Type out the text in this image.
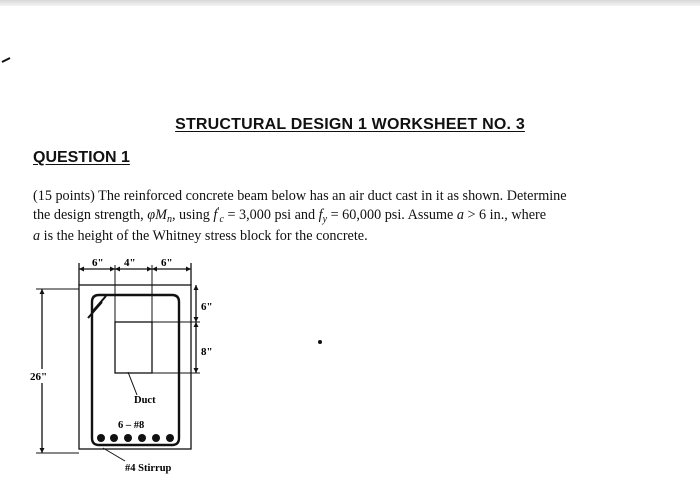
STRUCTURAL DESIGN 1 WORKSHEET NO. 3
QUESTION 1
(15 points) The reinforced concrete beam below has an air duct cast in it as shown. Determine
the design strength, $\varphi M_n$, using $f'_c = 3,000$ psi and $f_y = 60,000$ psi. Assume a > 6 in., where
a is the height of the Whitney stress block for the concrete.
6" 4" 6"
6"
8"
26"
Duct
6 – #8
#4 Stirrup
